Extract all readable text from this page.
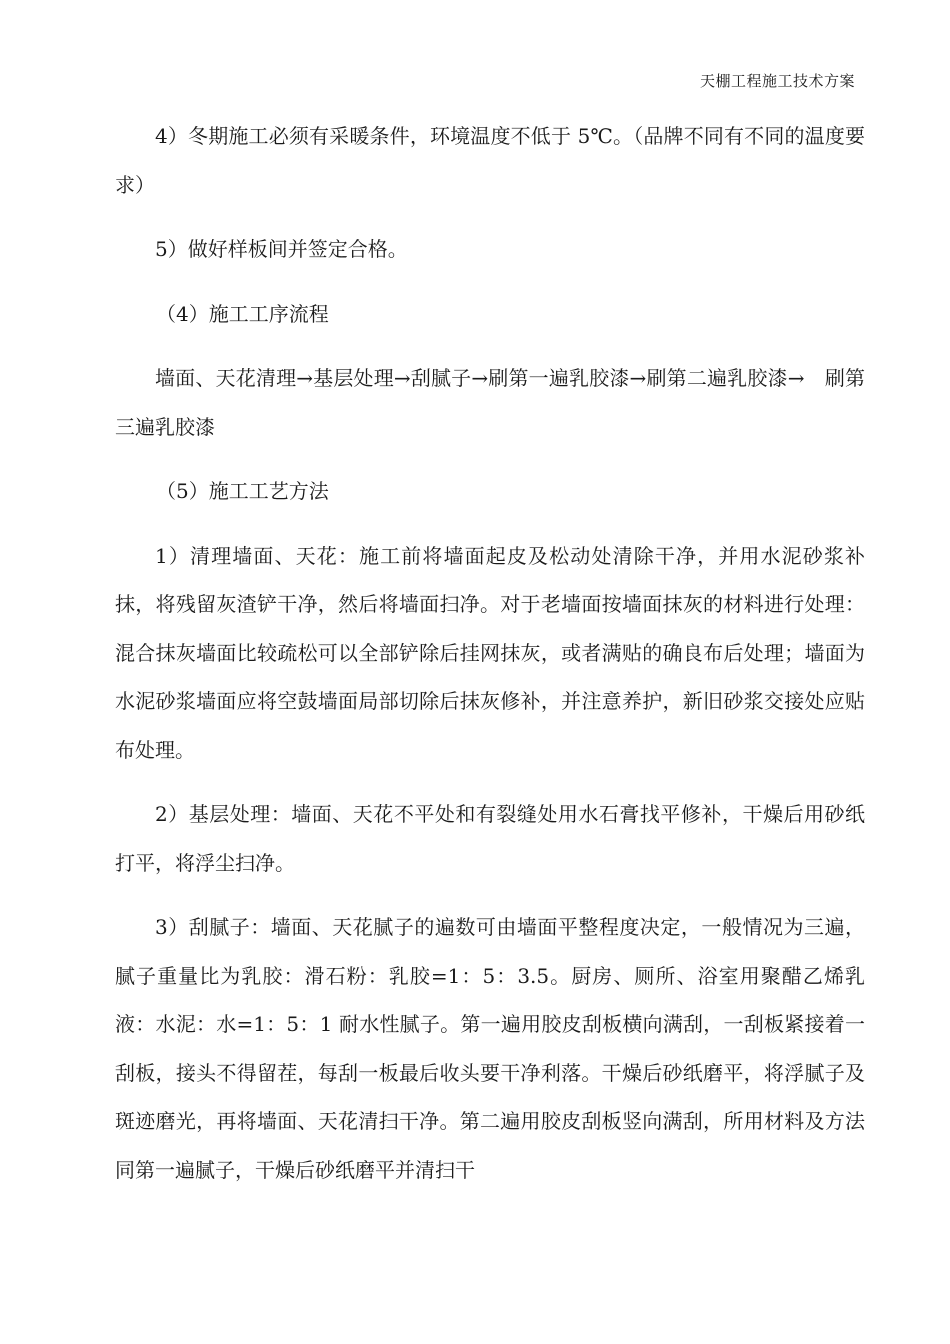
天棚工程施工技术方案

4）冬期施工必须有采暖条件，环境温度不低于 5℃。（品牌不同有不同的温度要求）

5）做好样板间并签定合格。

（4）施工工序流程

墙面、天花清理→基层处理→刮腻子→刷第一遍乳胶漆→刷第二遍乳胶漆→　刷第三遍乳胶漆

（5）施工工艺方法

1）清理墙面、天花：施工前将墙面起皮及松动处清除干净，并用水泥砂浆补抹，将残留灰渣铲干净，然后将墙面扫净。对于老墙面按墙面抹灰的材料进行处理：混合抹灰墙面比较疏松可以全部铲除后挂网抹灰，或者满贴的确良布后处理；墙面为水泥砂浆墙面应将空鼓墙面局部切除后抹灰修补，并注意养护，新旧砂浆交接处应贴布处理。

2）基层处理：墙面、天花不平处和有裂缝处用水石膏找平修补，干燥后用砂纸打平，将浮尘扫净。

3）刮腻子：墙面、天花腻子的遍数可由墙面平整程度决定，一般情况为三遍，腻子重量比为乳胶：滑石粉：乳胶=1：5：3.5。厨房、厕所、浴室用聚醋乙烯乳液：水泥：水=1：5：1 耐水性腻子。第一遍用胶皮刮板横向满刮，一刮板紧接着一刮板，接头不得留茬，每刮一板最后收头要干净利落。干燥后砂纸磨平，将浮腻子及斑迹磨光，再将墙面、天花清扫干净。第二遍用胶皮刮板竖向满刮，所用材料及方法同第一遍腻子，干燥后砂纸磨平并清扫干
